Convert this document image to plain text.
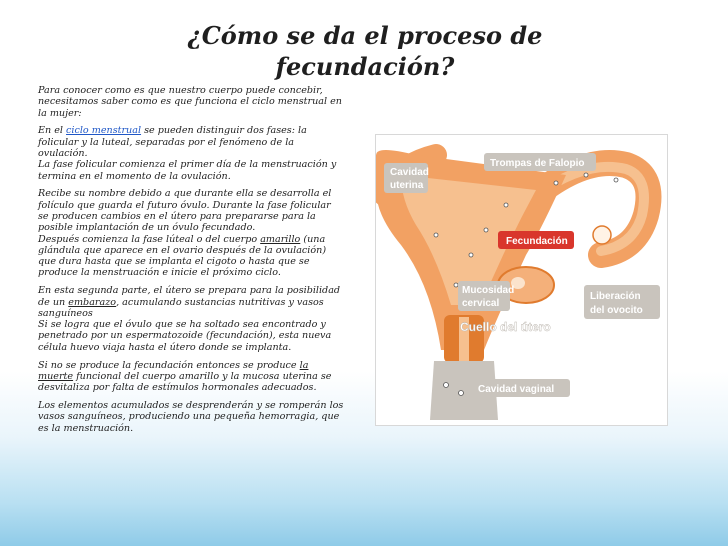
¿Cómo se da el proceso de fecundación?

Para conocer como es que nuestro cuerpo puede concebir, necesitamos saber como es que funciona el ciclo menstrual en la mujer:

En el ciclo menstrual se pueden distinguir dos fases: la folicular y la luteal, separadas por el fenómeno de la ovulación.

La fase folicular comienza el primer día de la menstruación y termina en el momento de la ovulación.

Recibe su nombre debido a que durante ella se desarrolla el folículo que guarda el futuro óvulo. Durante la fase folicular se producen cambios en el útero para prepararse para la posible implantación de un óvulo fecundado.

Después comienza la fase lúteal o del cuerpo amarillo (una glándula que aparece en el ovario después de la ovulación) que dura hasta que se implanta el cigoto o hasta que se produce la menstruación e inicie el próximo ciclo.

En esta segunda parte, el útero se prepara para la posibilidad de un embarazo, acumulando sustancias nutritivas y vasos sanguíneos

Si se logra que el óvulo que se ha soltado sea encontrado y penetrado por un espermatozoide (fecundación), esta nueva célula huevo viaja hasta el útero donde se implanta.

Si no se produce la fecundación entonces se produce la muerte funcional del cuerpo amarillo y la mucosa uterina se desvitaliza por falta de estímulos hormonales adecuados.

Los elementos acumulados se desprenderán y se romperán los vasos sanguíneos, produciendo una pequeña hemorragia, que es la menstruación.

Cavidad
uterina
Trompas de Falopio
Fecundación
Mucosidad
cervical Ovario
Liberación
del ovocito
Cuello del útero
Cavidad vaginal
